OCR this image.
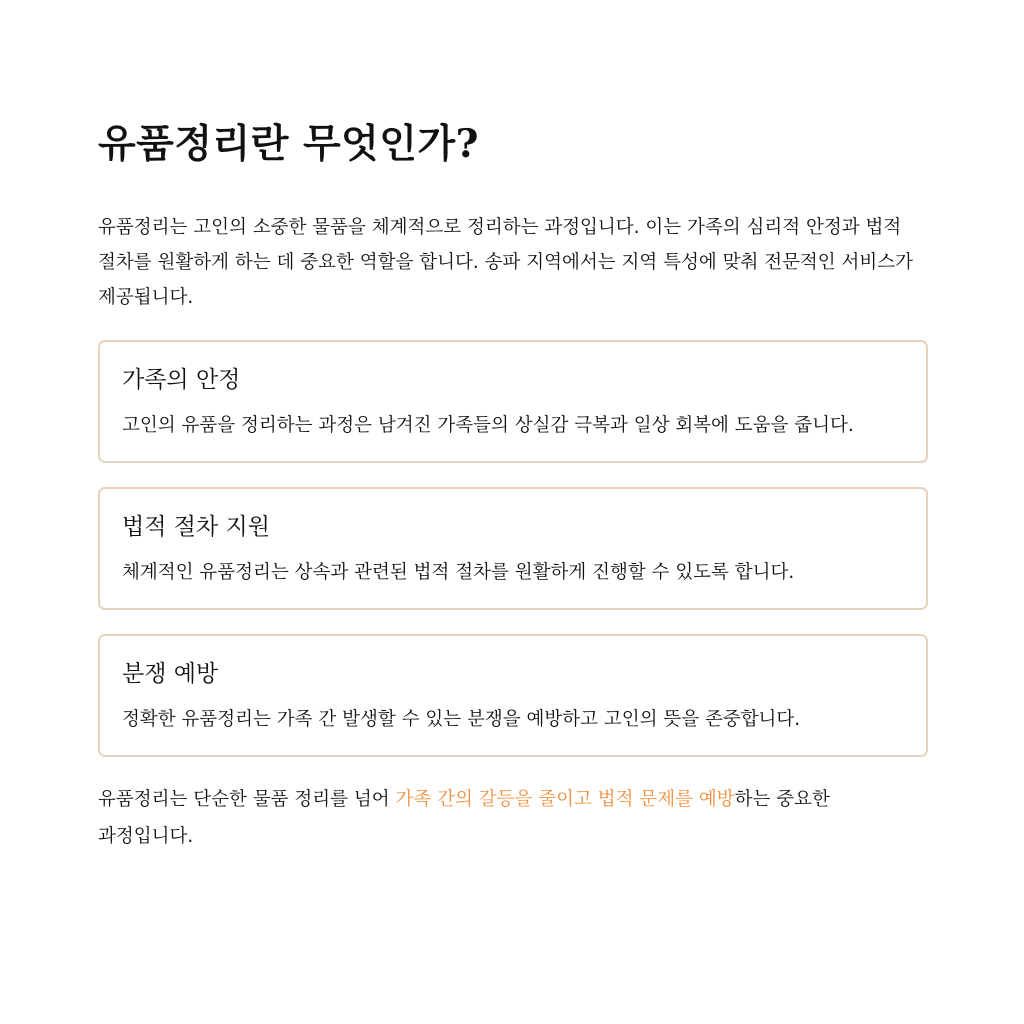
유품정리란 무엇인가?

유품정리는 고인의 소중한 물품을 체계적으로 정리하는 과정입니다. 이는 가족의 심리적 안정과 법적 절차를 원활하게 하는 데 중요한 역할을 합니다. 송파 지역에서는 지역 특성에 맞춰 전문적인 서비스가 제공됩니다.

가족의 안정

고인의 유품을 정리하는 과정은 남겨진 가족들의 상실감 극복과 일상 회복에 도움을 줍니다.

법적 절차 지원

체계적인 유품정리는 상속과 관련된 법적 절차를 원활하게 진행할 수 있도록 합니다.

분쟁 예방

정확한 유품정리는 가족 간 발생할 수 있는 분쟁을 예방하고 고인의 뜻을 존중합니다.

유품정리는 단순한 물품 정리를 넘어 가족 간의 갈등을 줄이고 법적 문제를 예방하는 중요한 과정입니다.
